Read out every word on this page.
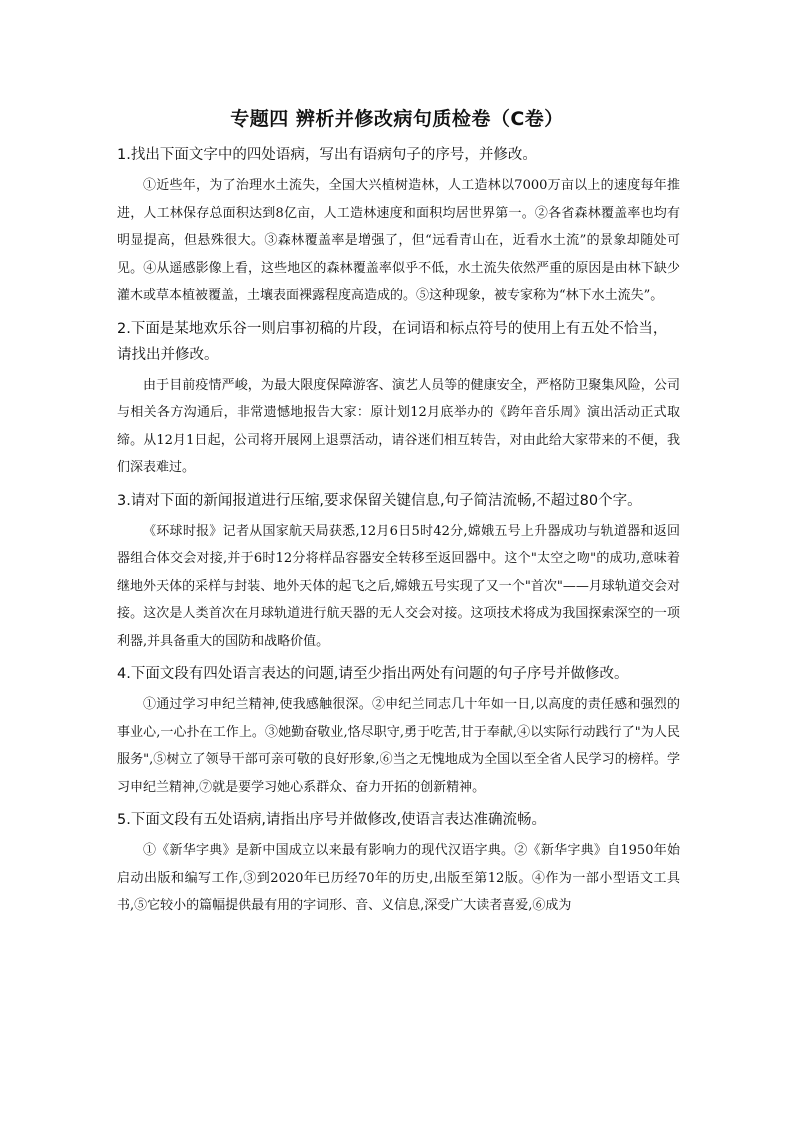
专题四 辨析并修改病句质检卷（C卷）
1.找出下面文字中的四处语病，写出有语病句子的序号，并修改。
①近些年，为了治理水土流失，全国大兴植树造林，人工造林以7000万亩以上的速度每年推进，人工林保存总面积达到8亿亩，人工造林速度和面积均居世界第一。②各省森林覆盖率也均有明显提高，但悬殊很大。③森林覆盖率是增强了，但“远看青山在，近看水土流”的景象却随处可见。④从遥感影像上看，这些地区的森林覆盖率似乎不低，水土流失依然严重的原因是由林下缺少灌木或草本植被覆盖，土壤表面裸露程度高造成的。⑤这种现象，被专家称为“林下水土流失”。
2.下面是某地欢乐谷一则启事初稿的片段，在词语和标点符号的使用上有五处不恰当，请找出并修改。
由于目前疫情严峻，为最大限度保障游客、演艺人员等的健康安全，严格防卫聚集风险，公司与相关各方沟通后，非常遗憾地报告大家：原计划12月底举办的《跨年音乐周》演出活动正式取缔。从12月1日起，公司将开展网上退票活动，请谷迷们相互转告，对由此给大家带来的不便，我们深表难过。
3.请对下面的新闻报道进行压缩,要求保留关键信息,句子简洁流畅,不超过80个字。
《环球时报》记者从国家航天局获悉,12月6日5时42分,嫦娥五号上升器成功与轨道器和返回器组合体交会对接,并于6时12分将样品容器安全转移至返回器中。这个"太空之吻"的成功,意味着继地外天体的采样与封装、地外天体的起飞之后,嫦娥五号实现了又一个"首次"——月球轨道交会对接。这次是人类首次在月球轨道进行航天器的无人交会对接。这项技术将成为我国探索深空的一项利器,并具备重大的国防和战略价值。
4.下面文段有四处语言表达的问题,请至少指出两处有问题的句子序号并做修改。
①通过学习申纪兰精神,使我感触很深。②申纪兰同志几十年如一日,以高度的责任感和强烈的事业心,一心扑在工作上。③她勤奋敬业,恪尽职守,勇于吃苦,甘于奉献,④以实际行动践行了"为人民服务",⑤树立了领导干部可亲可敬的良好形象,⑥当之无愧地成为全国以至全省人民学习的榜样。学习申纪兰精神,⑦就是要学习她心系群众、奋力开拓的创新精神。
5.下面文段有五处语病,请指出序号并做修改,使语言表达准确流畅。
①《新华字典》是新中国成立以来最有影响力的现代汉语字典。②《新华字典》自1950年始启动出版和编写工作,③到2020年已历经70年的历史,出版至第12版。④作为一部小型语文工具书,⑤它较小的篇幅提供最有用的字词形、音、义信息,深受广大读者喜爱,⑥成为
